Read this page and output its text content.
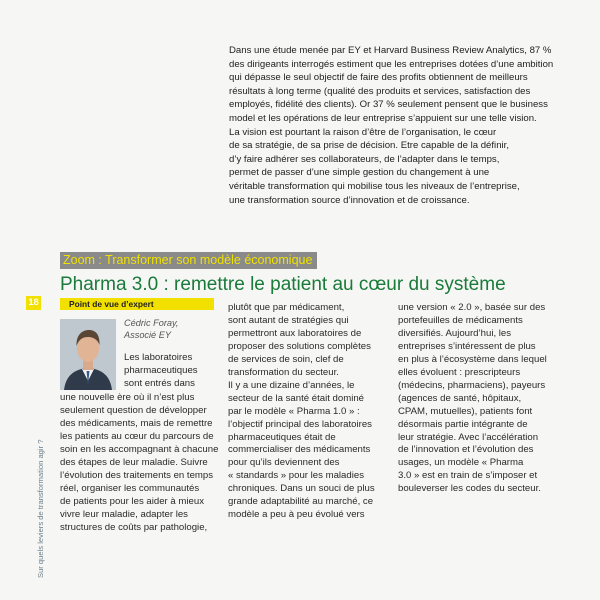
Dans une étude menée par EY et Harvard Business Review Analytics, 87 %

des dirigeants interrogés estiment que les entreprises dotées d’une ambition

qui dépasse le seul objectif de faire des profits obtiennent de meilleurs

résultats à long terme (qualité des produits et services, satisfaction des

employés, fidélité des clients). Or 37 % seulement pensent que le business

model et les opérations de leur entreprise s’appuient sur une telle vision.

La vision est pourtant la raison d’être de l’organisation, le cœur

de sa stratégie, de sa prise de décision. Etre capable de la définir,

d’y faire adhérer ses collaborateurs, de l’adapter dans le temps,

permet de passer d’une simple gestion du changement à une

véritable transformation qui mobilise tous les niveaux de l’entreprise,

une transformation source d’innovation et de croissance.

Zoom : Transformer son modèle économique
Pharma 3.0 : remettre le patient au cœur du système
18
Sur quels leviers de transformation agir ?
Point de vue d’expert
Cédric Foray,
Associé EY

Les laboratoires

pharmaceutiques

sont entrés dans

une nouvelle ère où il n’est plus

seulement question de développer

des médicaments, mais de remettre

les patients au cœur du parcours de

soin en les accompagnant à chacune

des étapes de leur maladie. Suivre

l’évolution des traitements en temps

réel, organiser les communautés

de patients pour les aider à mieux

vivre leur maladie, adapter les

structures de coûts par pathologie,

plutôt que par médicament,

sont autant de stratégies qui

permettront aux laboratoires de

proposer des solutions complètes

de services de soin, clef de

transformation du secteur.

Il y a une dizaine d’années, le

secteur de la santé était dominé

par le modèle « Pharma 1.0 » :

l’objectif principal des laboratoires

pharmaceutiques était de

commercialiser des médicaments

pour qu’ils deviennent des

« standards » pour les maladies

chroniques. Dans un souci de plus

grande adaptabilité au marché, ce

modèle a peu à peu évolué vers

une version « 2.0 », basée sur des

portefeuilles de médicaments

diversifiés. Aujourd’hui, les

entreprises s’intéressent de plus

en plus à l’écosystème dans lequel

elles évoluent : prescripteurs

(médecins, pharmaciens), payeurs

(agences de santé, hôpitaux,

CPAM, mutuelles), patients font

désormais partie intégrante de

leur stratégie. Avec l’accélération

de l’innovation et l’évolution des

usages, un modèle « Pharma

3.0 » est en train de s’imposer et

bouleverser les codes du secteur.
